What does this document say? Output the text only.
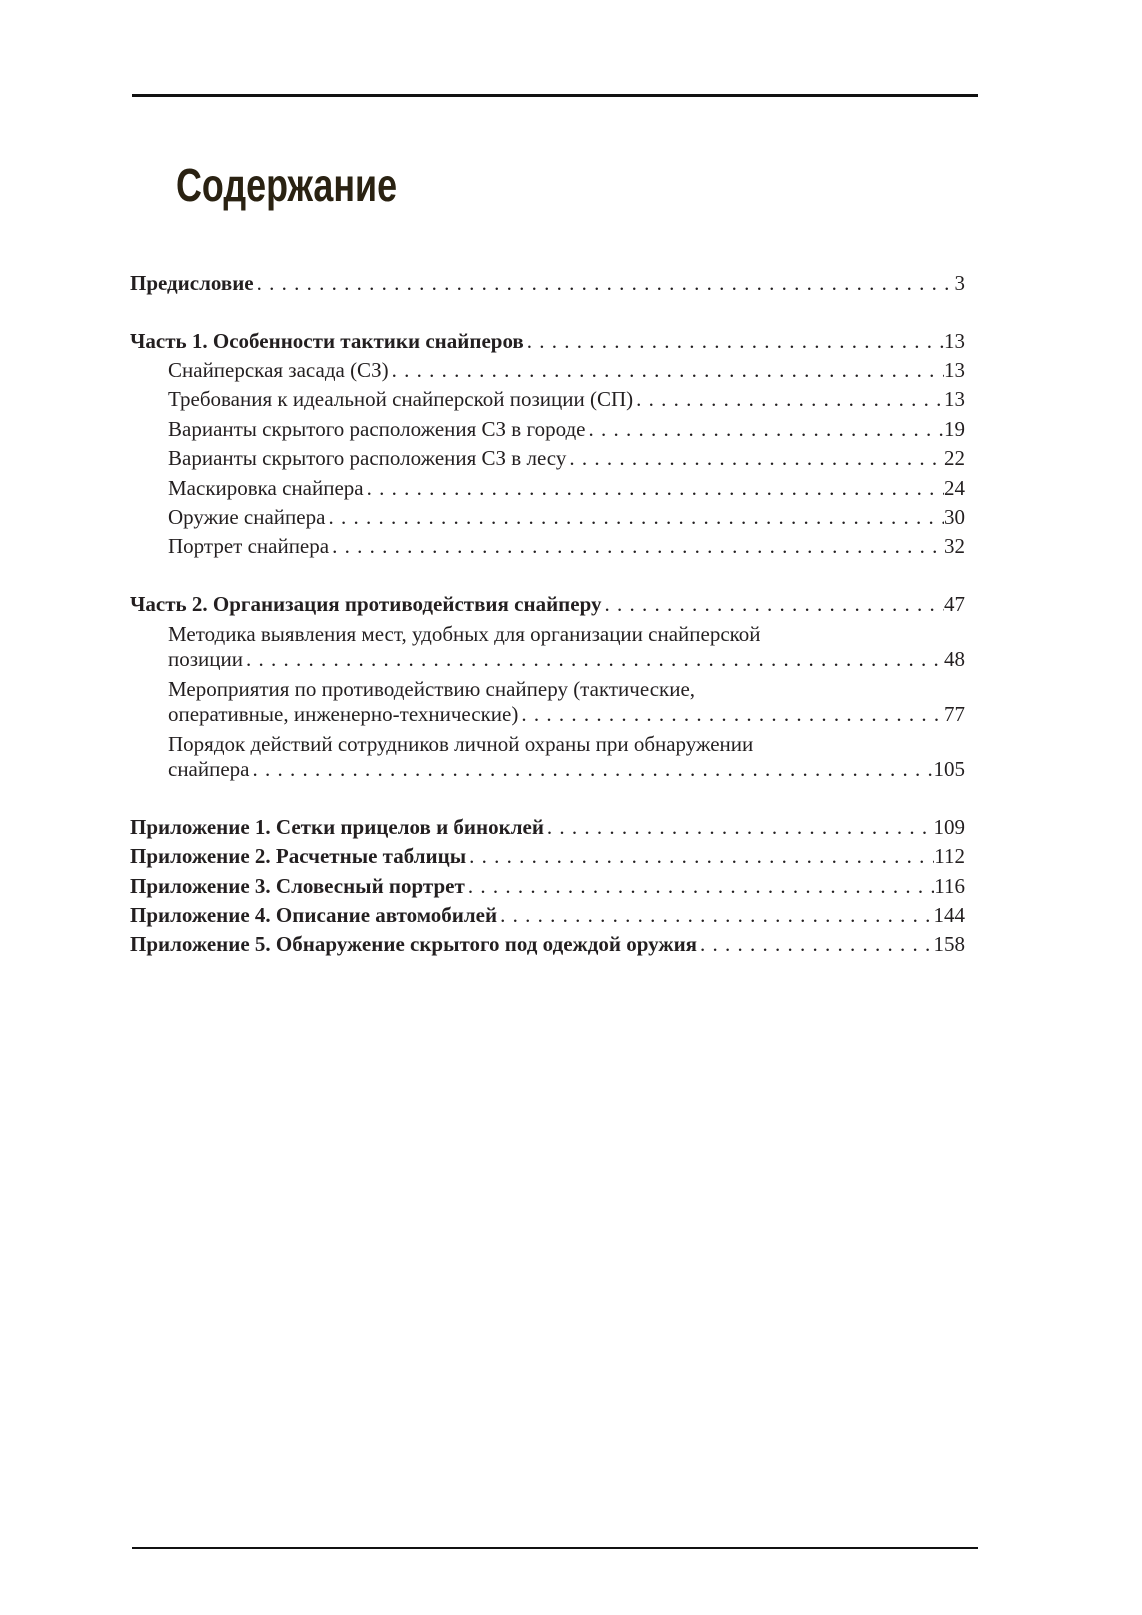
Содержание
Предисловие . . .	3
Часть 1. Особенности тактики снайперов . . .	13
Снайперская засада (СЗ) . . .	13
Требования к идеальной снайперской позиции (СП) . . .	13
Варианты скрытого расположения СЗ в городе . . .	19
Варианты скрытого расположения СЗ в лесу . . .	22
Маскировка снайпера . . .	24
Оружие снайпера . . .	30
Портрет снайпера . . .	32
Часть 2. Организация противодействия снайперу . . .	47
Методика выявления мест, удобных для организации снайперской
позиции . . .	48
Мероприятия по противодействию снайперу (тактические,
оперативные, инженерно-технические) . . .	77
Порядок действий сотрудников личной охраны при обнаружении
снайпера . . .	105
Приложение 1. Сетки прицелов и биноклей . . .	109
Приложение 2. Расчетные таблицы . . .	112
Приложение 3. Словесный портрет . . .	116
Приложение 4. Описание автомобилей . . .	144
Приложение 5. Обнаружение скрытого под одеждой оружия . . .	158
